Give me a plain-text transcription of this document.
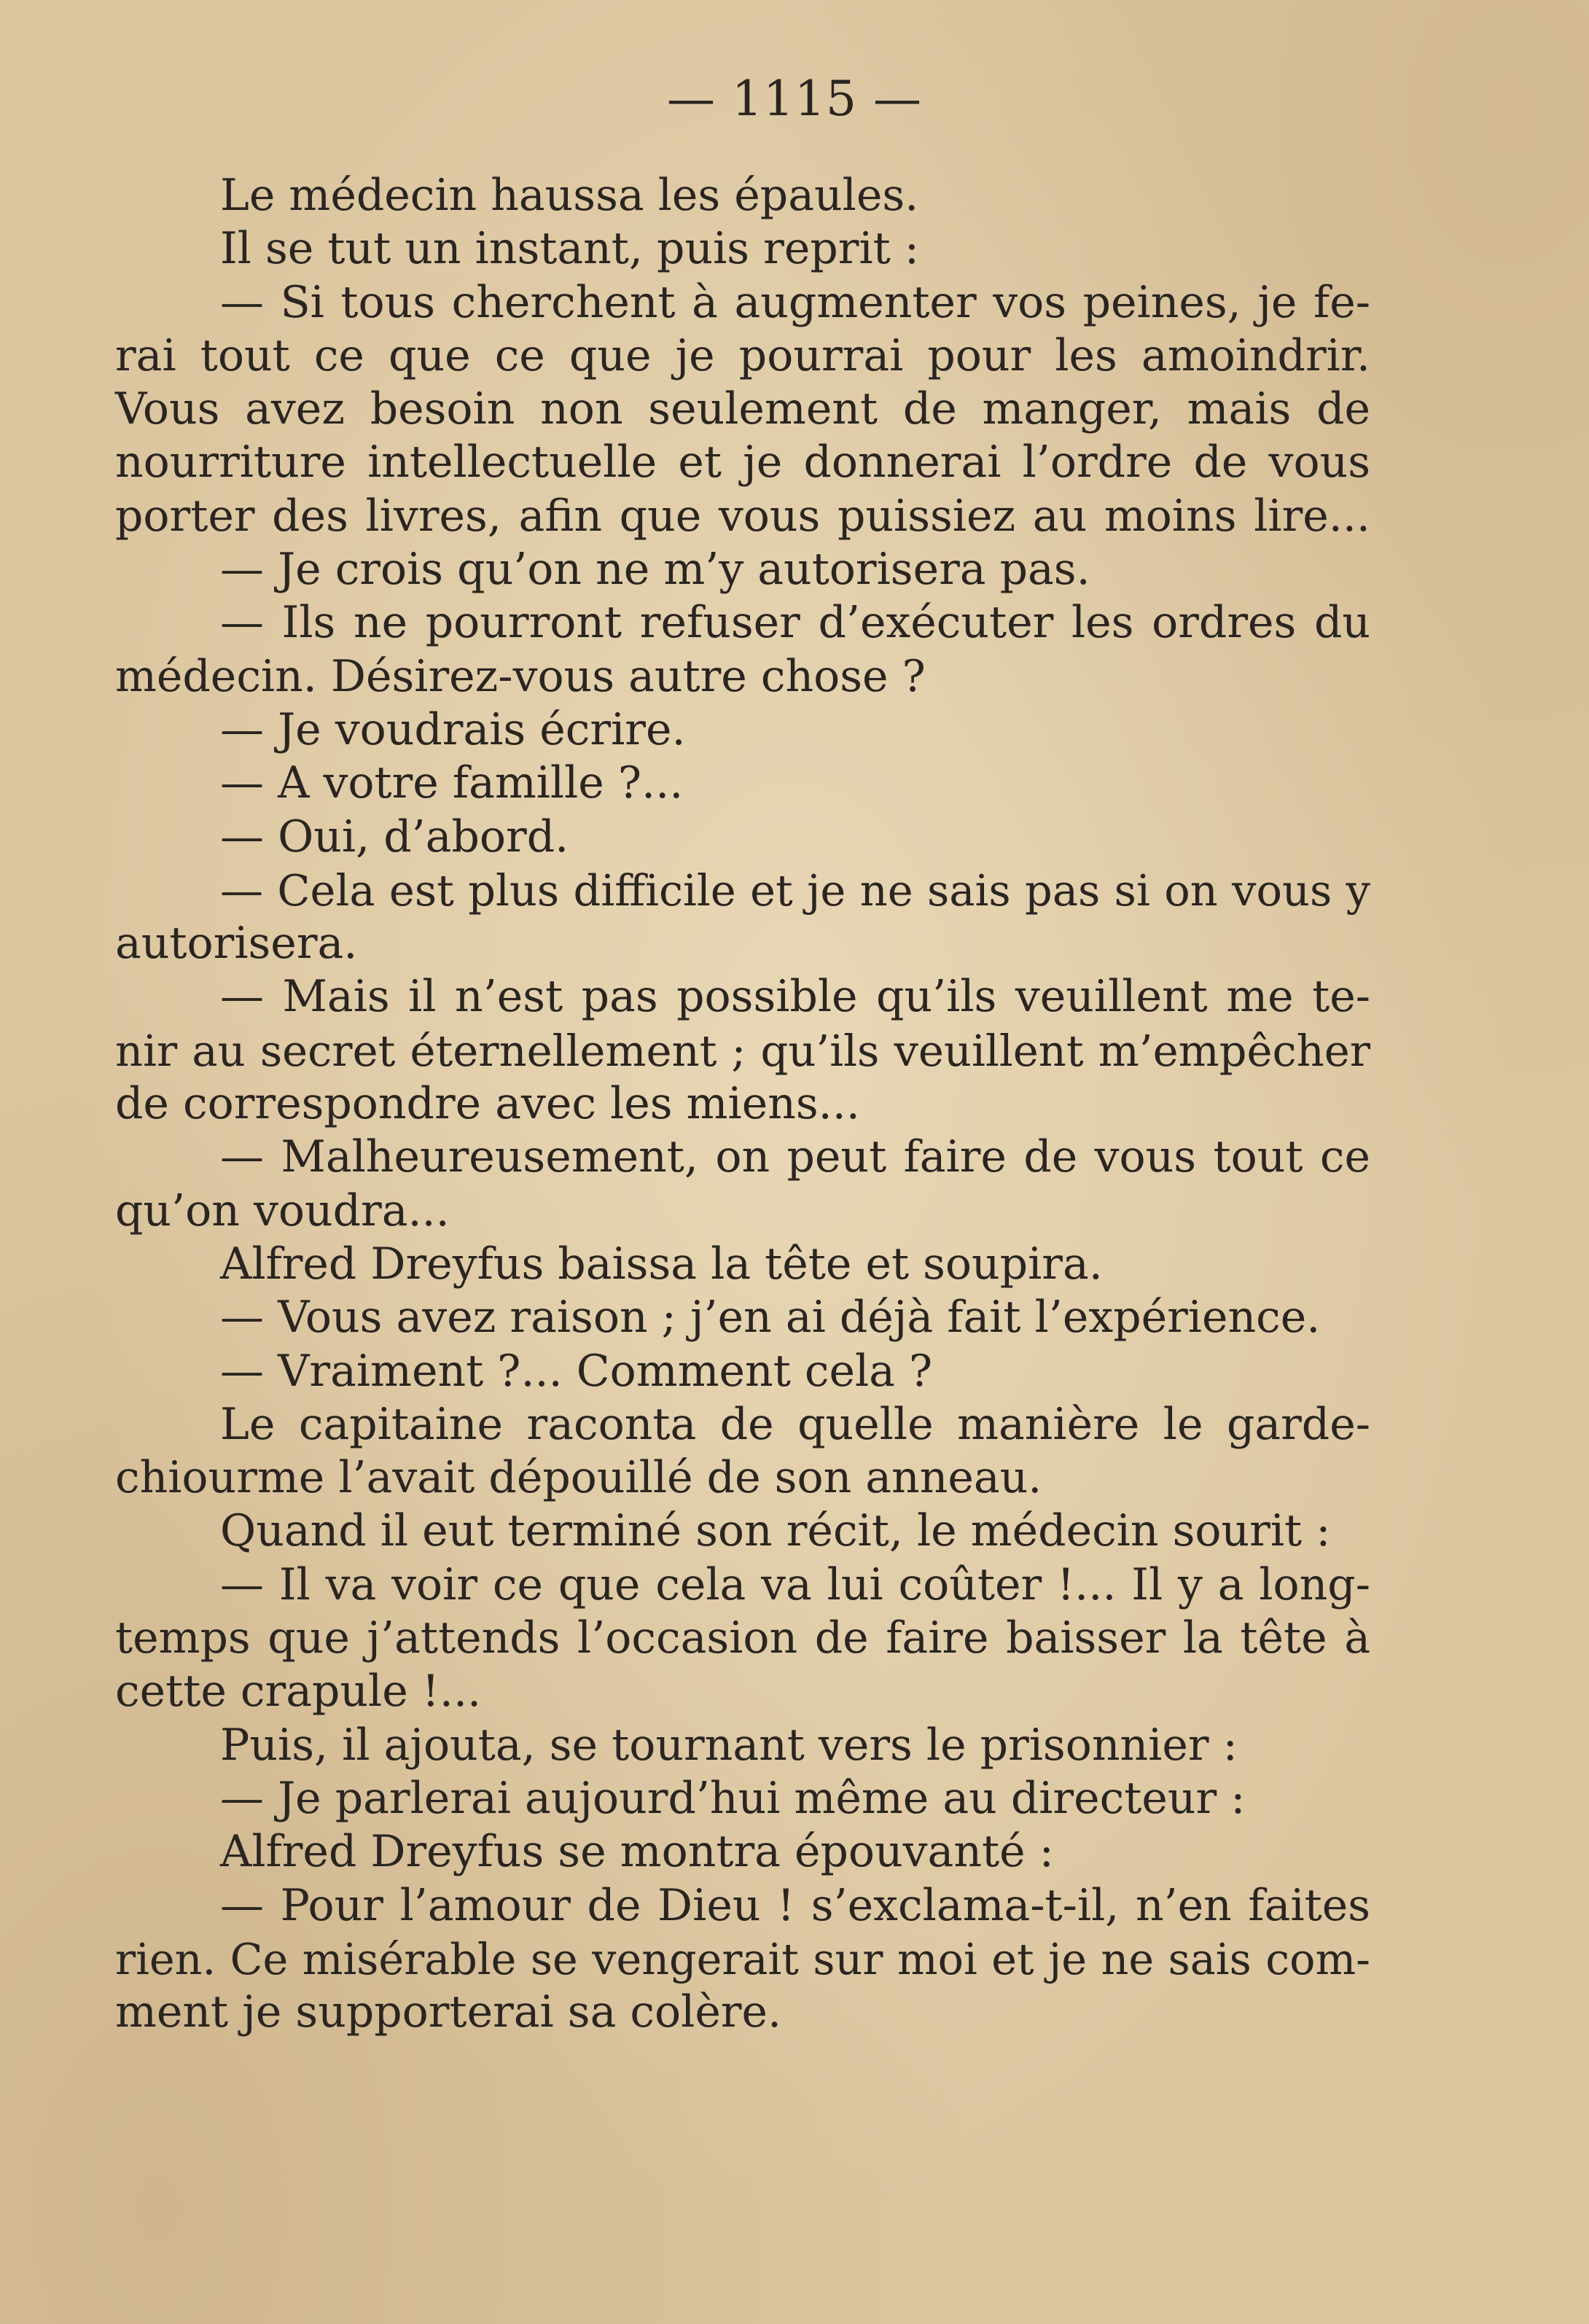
— 1115 —
Le médecin haussa les épaules.
Il se tut un instant, puis reprit :
— Si tous cherchent à augmenter vos peines, je fe-
rai tout ce que ce que je pourrai pour les amoindrir.
Vous avez besoin non seulement de manger, mais de
nourriture intellectuelle et je donnerai l’ordre de vous
porter des livres, afin que vous puissiez au moins lire...
— Je crois qu’on ne m’y autorisera pas.
— Ils ne pourront refuser d’exécuter les ordres du
médecin. Désirez-vous autre chose ?
— Je voudrais écrire.
— A votre famille ?...
— Oui, d’abord.
— Cela est plus difficile et je ne sais pas si on vous y
autorisera.
— Mais il n’est pas possible qu’ils veuillent me te-
nir au secret éternellement ; qu’ils veuillent m’empêcher
de correspondre avec les miens...
— Malheureusement, on peut faire de vous tout ce
qu’on voudra...
Alfred Dreyfus baissa la tête et soupira.
— Vous avez raison ; j’en ai déjà fait l’expérience.
— Vraiment ?... Comment cela ?
Le capitaine raconta de quelle manière le garde-
chiourme l’avait dépouillé de son anneau.
Quand il eut terminé son récit, le médecin sourit :
— Il va voir ce que cela va lui coûter !... Il y a long-
temps que j’attends l’occasion de faire baisser la tête à
cette crapule !...
Puis, il ajouta, se tournant vers le prisonnier :
— Je parlerai aujourd’hui même au directeur :
Alfred Dreyfus se montra épouvanté :
— Pour l’amour de Dieu ! s’exclama-t-il, n’en faites
rien. Ce misérable se vengerait sur moi et je ne sais com-
ment je supporterai sa colère.
